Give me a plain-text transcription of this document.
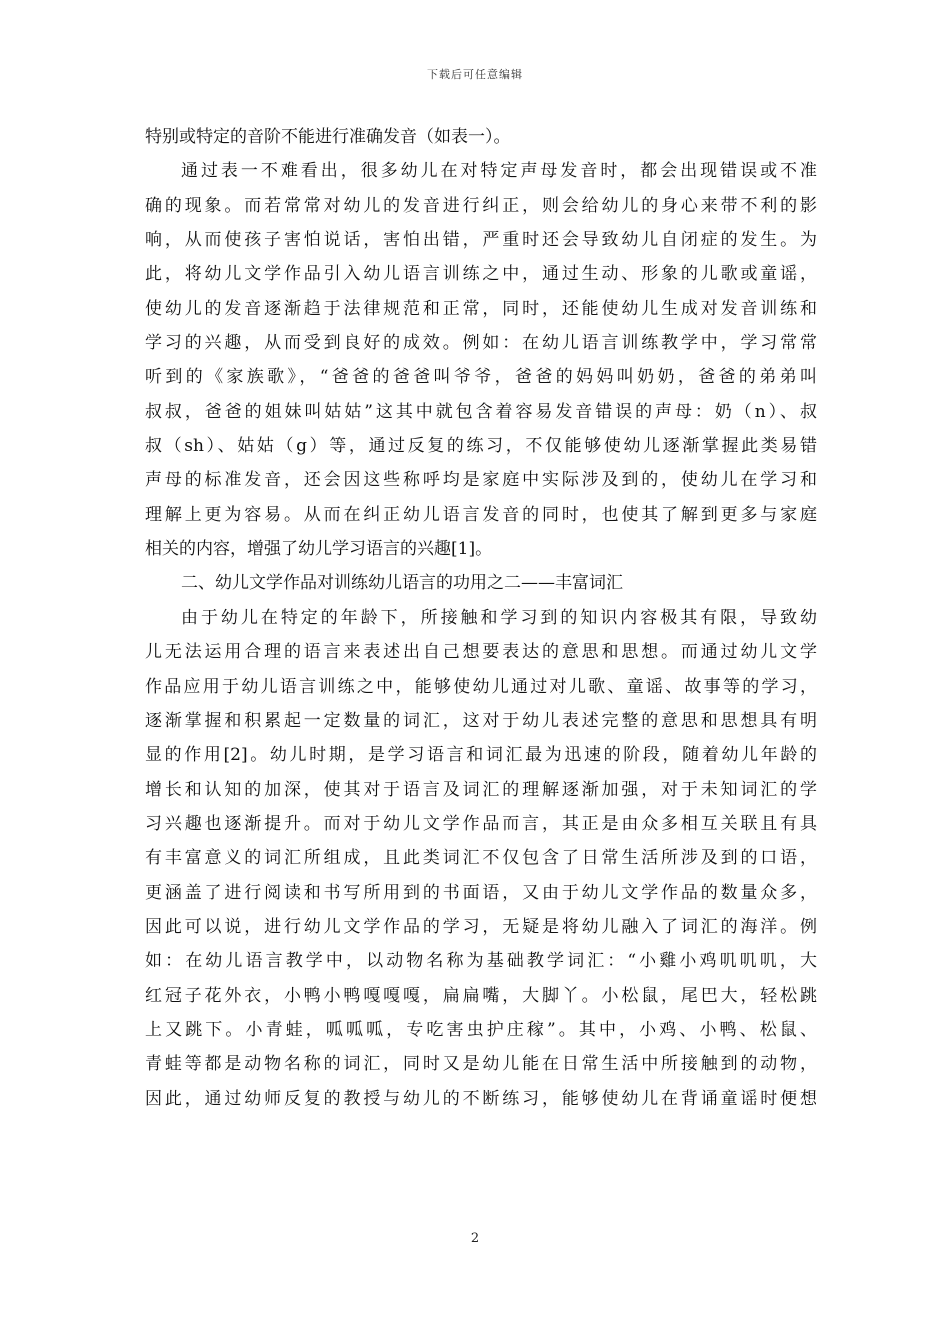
下载后可任意编辑
特别或特定的音阶不能进行准确发音（如表一）。
通过表一不难看出，很多幼儿在对特定声母发音时，都会出现错误或不准
确的现象。而若常常对幼儿的发音进行纠正，则会给幼儿的身心来带不利的影
响，从而使孩子害怕说话，害怕出错，严重时还会导致幼儿自闭症的发生。为
此，将幼儿文学作品引入幼儿语言训练之中，通过生动、形象的儿歌或童谣，
使幼儿的发音逐渐趋于法律规范和正常，同时，还能使幼儿生成对发音训练和
学习的兴趣，从而受到良好的成效。例如：在幼儿语言训练教学中，学习常常
听到的《家族歌》，“爸爸的爸爸叫爷爷，爸爸的妈妈叫奶奶，爸爸的弟弟叫
叔叔，爸爸的姐妹叫姑姑”这其中就包含着容易发音错误的声母：奶（n）、叔
叔（sh）、姑姑（g）等，通过反复的练习，不仅能够使幼儿逐渐掌握此类易错
声母的标准发音，还会因这些称呼均是家庭中实际涉及到的，使幼儿在学习和
理解上更为容易。从而在纠正幼儿语言发音的同时，也使其了解到更多与家庭
相关的内容，增强了幼儿学习语言的兴趣[1]。
二、幼儿文学作品对训练幼儿语言的功用之二——丰富词汇
由于幼儿在特定的年龄下，所接触和学习到的知识内容极其有限，导致幼
儿无法运用合理的语言来表述出自己想要表达的意思和思想。而通过幼儿文学
作品应用于幼儿语言训练之中，能够使幼儿通过对儿歌、童谣、故事等的学习，
逐渐掌握和积累起一定数量的词汇，这对于幼儿表述完整的意思和思想具有明
显的作用[2]。幼儿时期，是学习语言和词汇最为迅速的阶段，随着幼儿年龄的
增长和认知的加深，使其对于语言及词汇的理解逐渐加强，对于未知词汇的学
习兴趣也逐渐提升。而对于幼儿文学作品而言，其正是由众多相互关联且有具
有丰富意义的词汇所组成，且此类词汇不仅包含了日常生活所涉及到的口语，
更涵盖了进行阅读和书写所用到的书面语，又由于幼儿文学作品的数量众多，
因此可以说，进行幼儿文学作品的学习，无疑是将幼儿融入了词汇的海洋。例
如：在幼儿语言教学中，以动物名称为基础教学词汇：“小雞小鸡叽叽叽，大
红冠子花外衣，小鸭小鸭嘎嘎嘎，扁扁嘴，大脚丫。小松鼠，尾巴大，轻松跳
上又跳下。小青蛙，呱呱呱，专吃害虫护庄稼”。其中，小鸡、小鸭、松鼠、
青蛙等都是动物名称的词汇，同时又是幼儿能在日常生活中所接触到的动物，
因此，通过幼师反复的教授与幼儿的不断练习，能够使幼儿在背诵童谣时便想
2
